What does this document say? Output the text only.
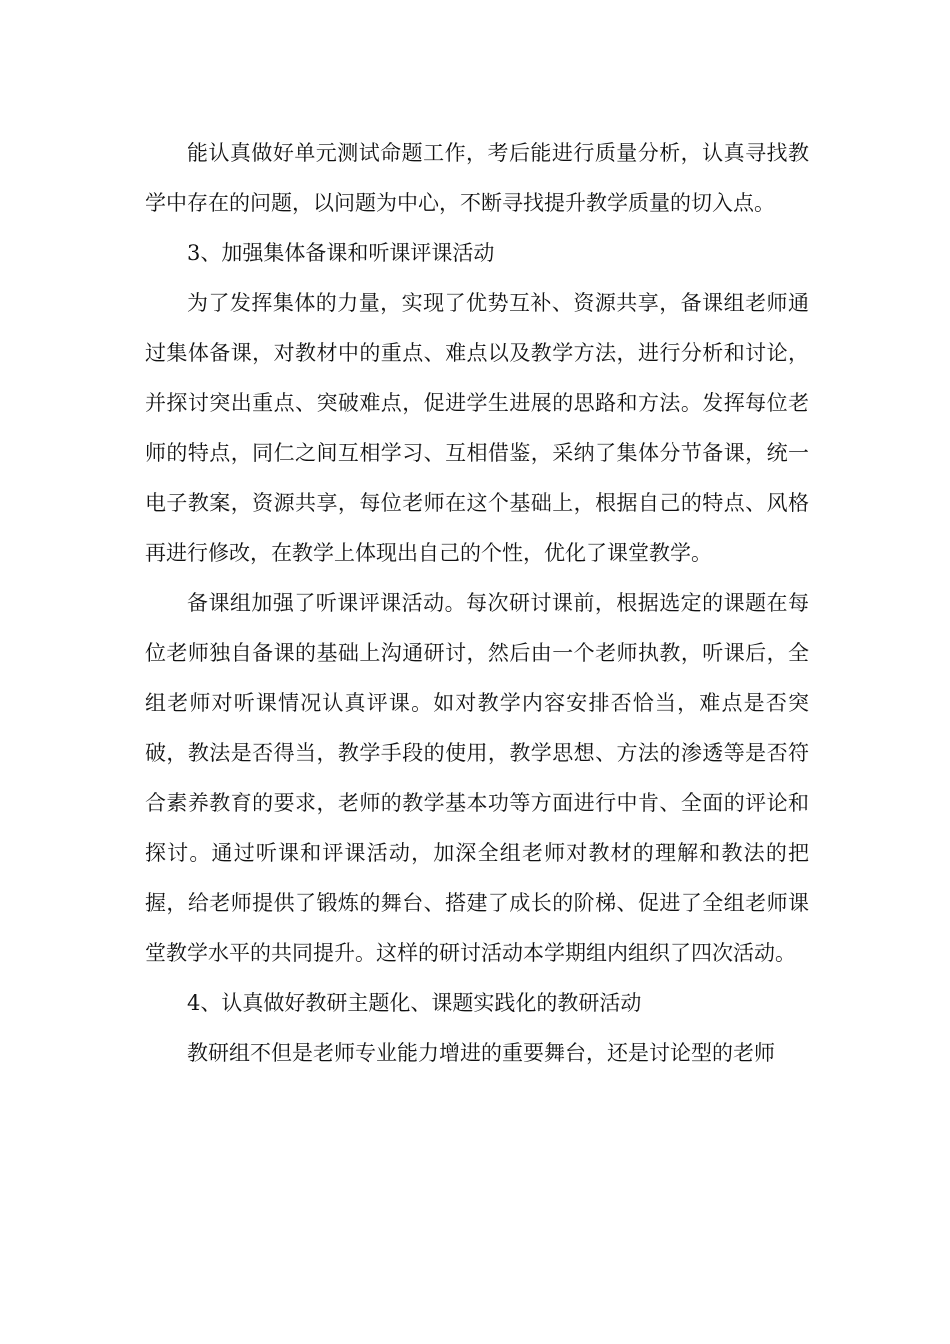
能认真做好单元测试命题工作，考后能进行质量分析，认真寻找教学中存在的问题，以问题为中心，不断寻找提升教学质量的切入点。

3、加强集体备课和听课评课活动

为了发挥集体的力量，实现了优势互补、资源共享，备课组老师通过集体备课，对教材中的重点、难点以及教学方法，进行分析和讨论，并探讨突出重点、突破难点，促进学生进展的思路和方法。发挥每位老师的特点，同仁之间互相学习、互相借鉴，采纳了集体分节备课，统一电子教案，资源共享，每位老师在这个基础上，根据自己的特点、风格再进行修改，在教学上体现出自己的个性，优化了课堂教学。

备课组加强了听课评课活动。每次研讨课前，根据选定的课题在每位老师独自备课的基础上沟通研讨，然后由一个老师执教，听课后，全组老师对听课情况认真评课。如对教学内容安排否恰当，难点是否突破，教法是否得当，教学手段的使用，教学思想、方法的渗透等是否符合素养教育的要求，老师的教学基本功等方面进行中肯、全面的评论和探讨。通过听课和评课活动，加深全组老师对教材的理解和教法的把握，给老师提供了锻炼的舞台、搭建了成长的阶梯、促进了全组老师课堂教学水平的共同提升。这样的研讨活动本学期组内组织了四次活动。

4、认真做好教研主题化、课题实践化的教研活动

教研组不但是老师专业能力增进的重要舞台，还是讨论型的老师
